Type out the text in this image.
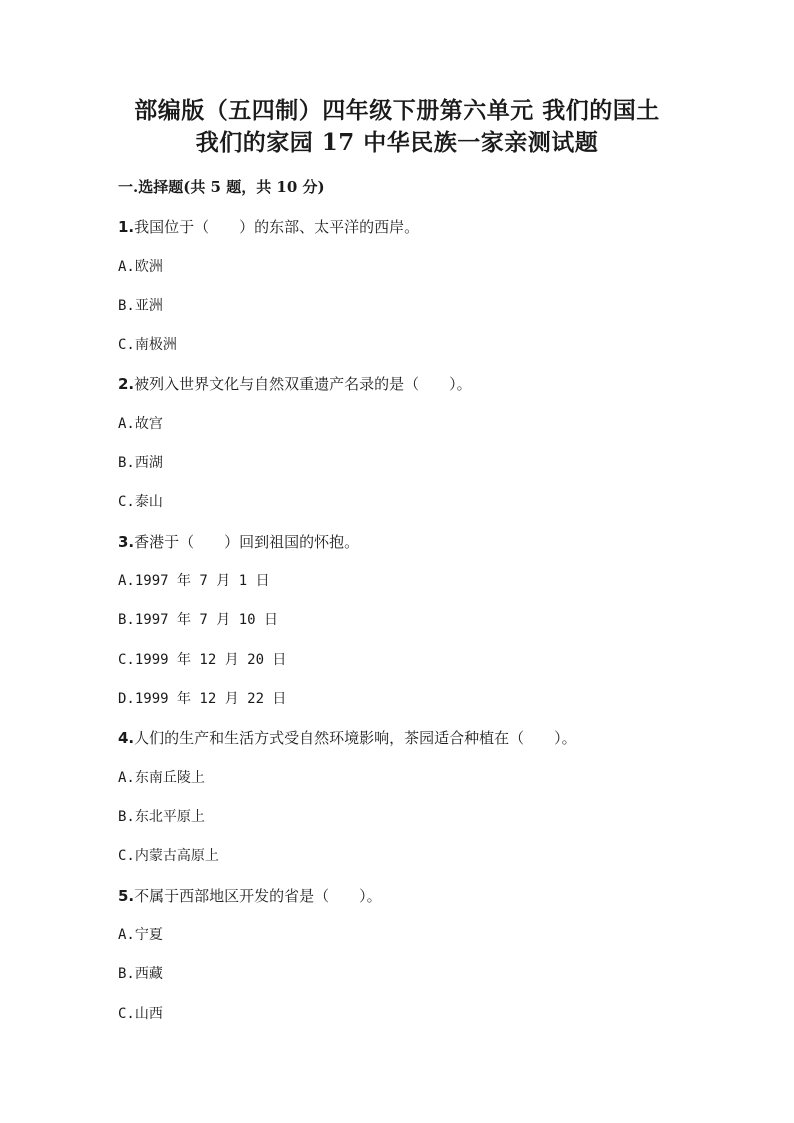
部编版（五四制）四年级下册第六单元 我们的国土
我们的家园 17 中华民族一家亲测试题
一.选择题(共 5 题，共 10 分)
1.我国位于（　　）的东部、太平洋的西岸。
A.欧洲
B.亚洲
C.南极洲
2.被列入世界文化与自然双重遗产名录的是（　　）。
A.故宫
B.西湖
C.泰山
3.香港于（　　）回到祖国的怀抱。
A.1997 年 7 月 1 日
B.1997 年 7 月 10 日
C.1999 年 12 月 20 日
D.1999 年 12 月 22 日
4.人们的生产和生活方式受自然环境影响，茶园适合种植在（　　）。
A.东南丘陵上
B.东北平原上
C.内蒙古高原上
5.不属于西部地区开发的省是（　　）。
A.宁夏
B.西藏
C.山西
